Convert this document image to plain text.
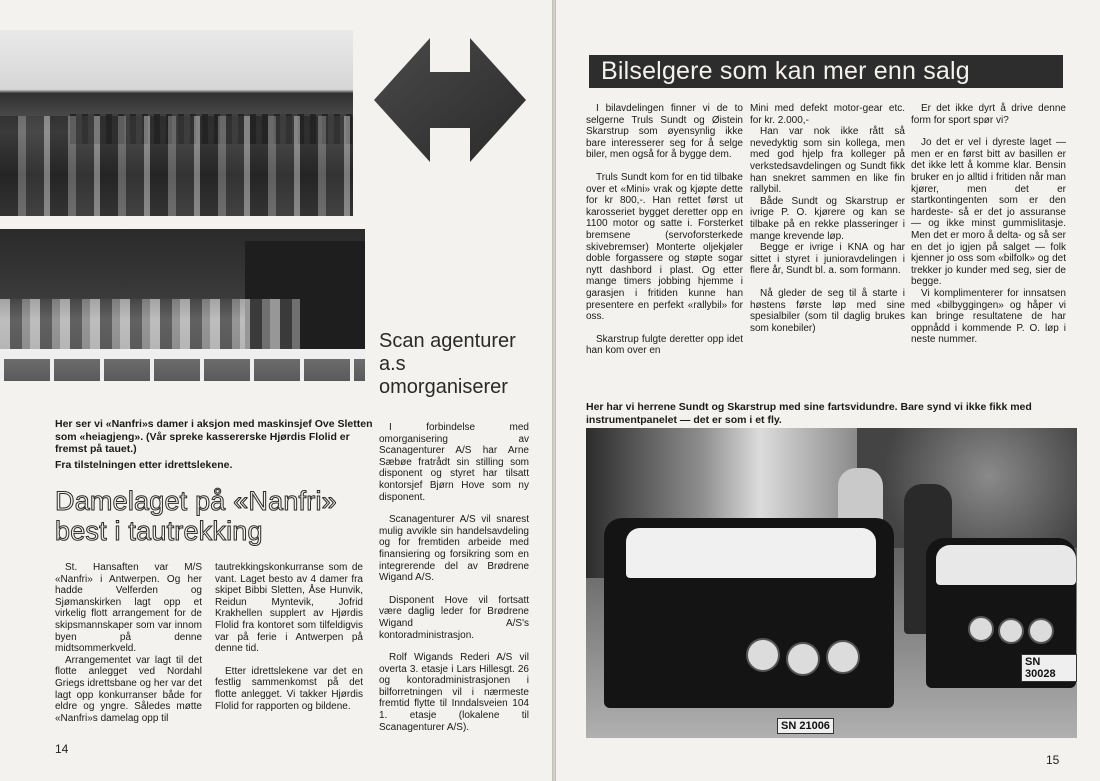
Her ser vi «Nanfri»s damer i aksjon med maskinsjef Ove Sletten som «heiagjeng». (Vår spreke kassererske Hjørdis Flolid er fremst på tauet.)
Fra tilstelningen etter idrettslekene.
Damelaget på «Nanfri» best i tautrekking

St. Hansaften var M/S «Nanfri» i Antwerpen. Og her hadde Velferden og Sjømanskirken lagt opp et virkelig flott arrangement for de skipsmannskaper som var innom byen på denne midtsommerkveld.

Arrangementet var lagt til det flotte anlegget ved Nordahl Griegs idrettsbane og her var det lagt opp konkurranser både for eldre og yngre. Således møtte «Nanfri»s damelag opp til

tautrekkingskonkurranse som de vant. Laget besto av 4 damer fra skipet Bibbi Sletten, Åse Hunvik, Reidun Myntevik, Jofrid Krakhellen supplert av Hjørdis Flolid fra kontoret som tilfeldigvis var på ferie i Antwerpen på denne tid.

Etter idrettslekene var det en festlig sammenkomst på det flotte anlegget. Vi takker Hjørdis Flolid for rapporten og bildene.

Scan agenturer a.s omorganiserer

I forbindelse med omorganisering av Scanagenturer A/S har Arne Sæbøe fratrådt sin stilling som disponent og styret har tilsatt kontorsjef Bjørn Hove som ny disponent.

Scanagenturer A/S vil snarest mulig avvikle sin handelsavdeling og for fremtiden arbeide med finansiering og forsikring som en integrerende del av Brødrene Wigand A/S.

Disponent Hove vil fortsatt være daglig leder for Brødrene Wigand A/S's kontoradministrasjon.

Rolf Wigands Rederi A/S vil overta 3. etasje i Lars Hillesgt. 26 og kontoradministrasjonen i bilforretningen vil i nærmeste fremtid flytte til Inndalsveien 104 1. etasje (lokalene til Scanagenturer A/S).

14
Bilselgere som kan mer enn salg

I bilavdelingen finner vi de to selgerne Truls Sundt og Øistein Skarstrup som øyensynlig ikke bare interesserer seg for å selge biler, men også for å bygge dem.

Truls Sundt kom for en tid tilbake over et «Mini» vrak og kjøpte dette for kr 800,-. Han rettet først ut karosseriet bygget deretter opp en 1100 motor og satte i. Forsterket bremsene (servoforsterkede skivebremser) Monterte oljekjøler doble forgassere og støpte sogar nytt dashbord i plast. Og etter mange timers jobbing hjemme i garasjen i fritiden kunne han presentere en perfekt «rallybil» for oss.

Skarstrup fulgte deretter opp idet han kom over en

Mini med defekt motor-gear etc. for kr. 2.000,-

Han var nok ikke rått så nevedyktig som sin kollega, men med god hjelp fra kolleger på verkstedsavdelingen og Sundt fikk han snekret sammen en like fin rallybil.

Både Sundt og Skarstrup er ivrige P. O. kjørere og kan se tilbake på en rekke plasseringer i mange krevende løp.

Begge er ivrige i KNA og har sittet i styret i junioravdelingen i flere år, Sundt bl. a. som formann.

Nå gleder de seg til å starte i høstens første løp med sine spesialbiler (som til daglig brukes som konebiler)

Er det ikke dyrt å drive denne form for sport spør vi?

Jo det er vel i dyreste laget — men er en først bitt av basillen er det ikke lett å komme klar. Bensin bruker en jo alltid i fritiden når man kjører, men det er startkontingenten som er den hardeste- så er det jo assuranse — og ikke minst gummislitasje. Men det er moro å delta- og så ser en det jo igjen på salget — folk kjenner jo oss som «bilfolk» og det trekker jo kunder med seg, sier de begge.

Vi komplimenterer for innsatsen med «bilbyggingen» og håper vi kan bringe resultatene de har oppnådd i kommende P. O. løp i neste nummer.

Her har vi herrene Sundt og Skarstrup med sine fartsvidundre. Bare synd vi ikke fikk med instrumentpanelet — det er som i et fly.
SN 21006
SN 30028
15
